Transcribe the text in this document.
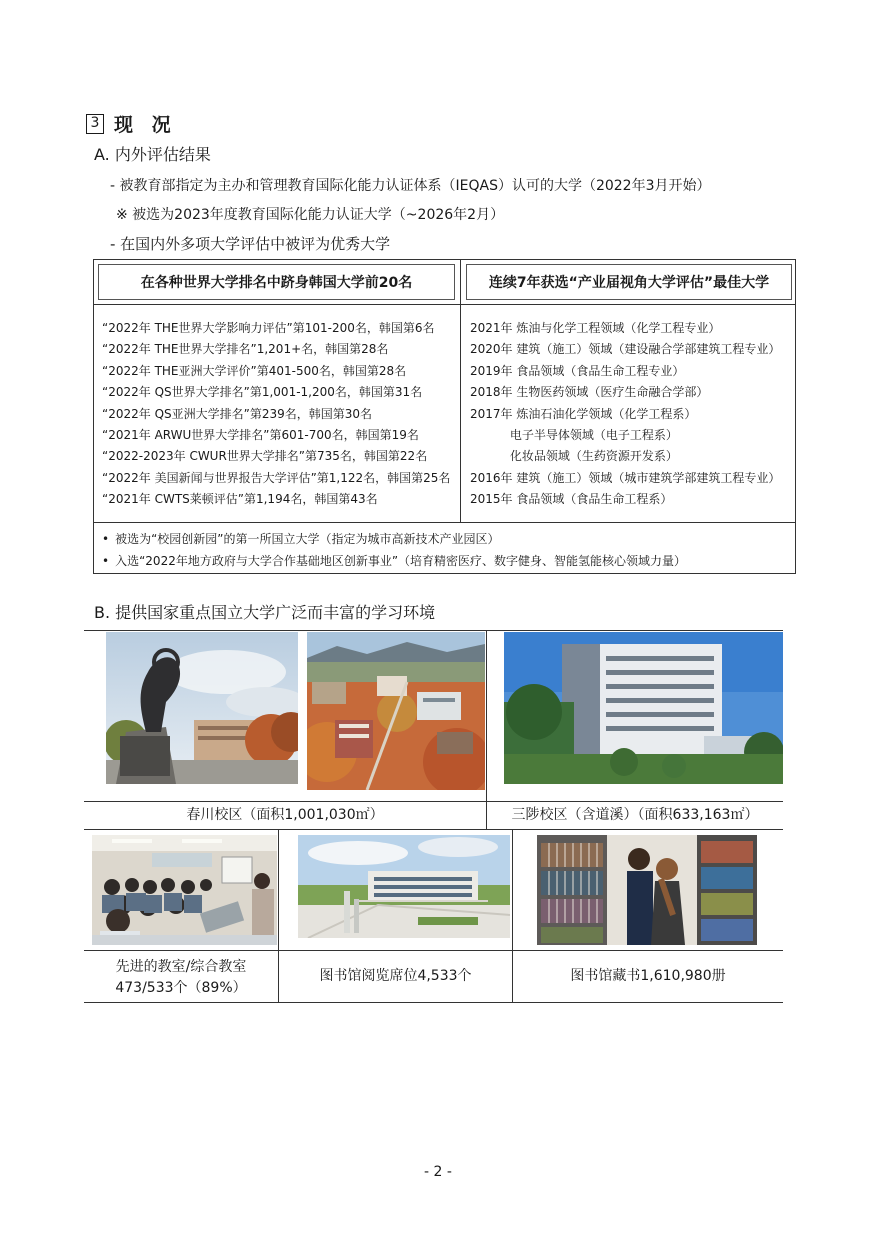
3 现 况
A. 内外评估结果
- 被教育部指定为主办和管理教育国际化能力认证体系（IEQAS）认可的大学（2022年3月开始）
※ 被选为2023年度教育国际化能力认证大学（~2026年2月）
- 在国内外多项大学评估中被评为优秀大学
在各种世界大学排名中跻身韩国大学前20名	连续7年获选“产业届视角大学评估”最佳大学
“2022年 THE世界大学影响力评估”第101-200名，韩国第6名
“2022年 THE世界大学排名”1,201+名，韩国第28名
“2022年 THE亚洲大学评价”第401-500名，韩国第28名
“2022年 QS世界大学排名”第1,001-1,200名，韩国第31名
“2022年 QS亚洲大学排名”第239名，韩国第30名
“2021年 ARWU世界大学排名”第601-700名，韩国第19名
“2022-2023年 CWUR世界大学排名”第735名，韩国第22名
“2022年 美国新闻与世界报告大学评估”第1,122名，韩国第25名
“2021年 CWTS莱顿评估”第1,194名，韩国第43名
2021年 炼油与化学工程领域（化学工程专业）
2020年 建筑（施工）领域（建设融合学部建筑工程专业）
2019年 食品领域（食品生命工程专业）
2018年 生物医药领域（医疗生命融合学部）
2017年 炼油石油化学领域（化学工程系）
　　　 电子半导体领域（电子工程系）
　　　 化妆品领域（生药资源开发系）
2016年 建筑（施工）领域（城市建筑学部建筑工程专业）
2015年 食品领域（食品生命工程系）
• 被选为“校园创新园”的第一所国立大学（指定为城市高新技术产业园区）
• 入选“2022年地方政府与大学合作基础地区创新事业”（培育精密医疗、数字健身、智能氢能核心领域力量）
B. 提供国家重点国立大学广泛而丰富的学习环境
春川校区（面积1,001,030㎡）	三陟校区（含道溪）（面积633,163㎡）
先进的教室/综合教室
473/533个（89%）
图书馆阅览席位4,533个	图书馆藏书1,610,980册
- 2 -
